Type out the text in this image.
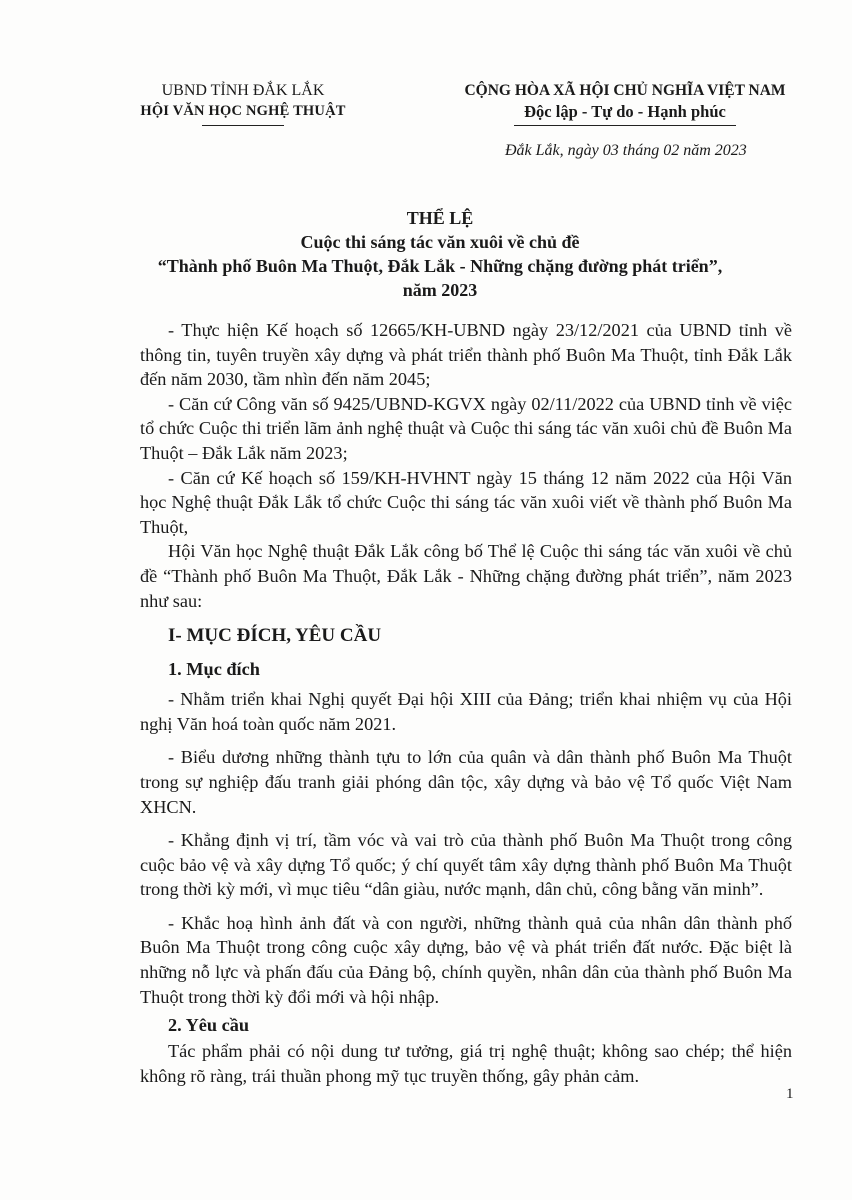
UBND TỈNH ĐẮK LẮK
HỘI VĂN HỌC NGHỆ THUẬT
CỘNG HÒA XÃ HỘI CHỦ NGHĨA VIỆT NAM
Độc lập - Tự do - Hạnh phúc
Đắk Lắk, ngày 03 tháng 02 năm 2023
THỂ LỆ
Cuộc thi sáng tác văn xuôi về chủ đề
“Thành phố Buôn Ma Thuột, Đắk Lắk - Những chặng đường phát triển”,
năm 2023

- Thực hiện Kế hoạch số 12665/KH-UBND ngày 23/12/2021 của UBND tỉnh về thông tin, tuyên truyền xây dựng và phát triển thành phố Buôn Ma Thuột, tỉnh Đắk Lắk đến năm 2030, tầm nhìn đến năm 2045;

- Căn cứ Công văn số 9425/UBND-KGVX ngày 02/11/2022 của UBND tỉnh về việc tổ chức Cuộc thi triển lãm ảnh nghệ thuật và Cuộc thi sáng tác văn xuôi chủ đề Buôn Ma Thuột – Đắk Lắk năm 2023;

- Căn cứ Kế hoạch số 159/KH-HVHNT ngày 15 tháng 12 năm 2022 của Hội Văn học Nghệ thuật Đắk Lắk tổ chức Cuộc thi sáng tác văn xuôi viết về thành phố Buôn Ma Thuột,

Hội Văn học Nghệ thuật Đắk Lắk công bố Thể lệ Cuộc thi sáng tác văn xuôi về chủ đề “Thành phố Buôn Ma Thuột, Đắk Lắk - Những chặng đường phát triển”, năm 2023 như sau:

I- MỤC ĐÍCH, YÊU CẦU
1. Mục đích

- Nhằm triển khai Nghị quyết Đại hội XIII của Đảng; triển khai nhiệm vụ của Hội nghị Văn hoá toàn quốc năm 2021.

- Biểu dương những thành tựu to lớn của quân và dân thành phố Buôn Ma Thuột trong sự nghiệp đấu tranh giải phóng dân tộc, xây dựng và bảo vệ Tổ quốc Việt Nam XHCN.

- Khẳng định vị trí, tầm vóc và vai trò của thành phố Buôn Ma Thuột trong công cuộc bảo vệ và xây dựng Tổ quốc; ý chí quyết tâm xây dựng thành phố Buôn Ma Thuột trong thời kỳ mới, vì mục tiêu “dân giàu, nước mạnh, dân chủ, công bằng văn minh”.

- Khắc hoạ hình ảnh đất và con người, những thành quả của nhân dân thành phố Buôn Ma Thuột trong công cuộc xây dựng, bảo vệ và phát triển đất nước. Đặc biệt là những nỗ lực và phấn đấu của Đảng bộ, chính quyền, nhân dân của thành phố Buôn Ma Thuột trong thời kỳ đổi mới và hội nhập.

2. Yêu cầu

Tác phẩm phải có nội dung tư tưởng, giá trị nghệ thuật; không sao chép; thể hiện không rõ ràng, trái thuần phong mỹ tục truyền thống, gây phản cảm.

1
